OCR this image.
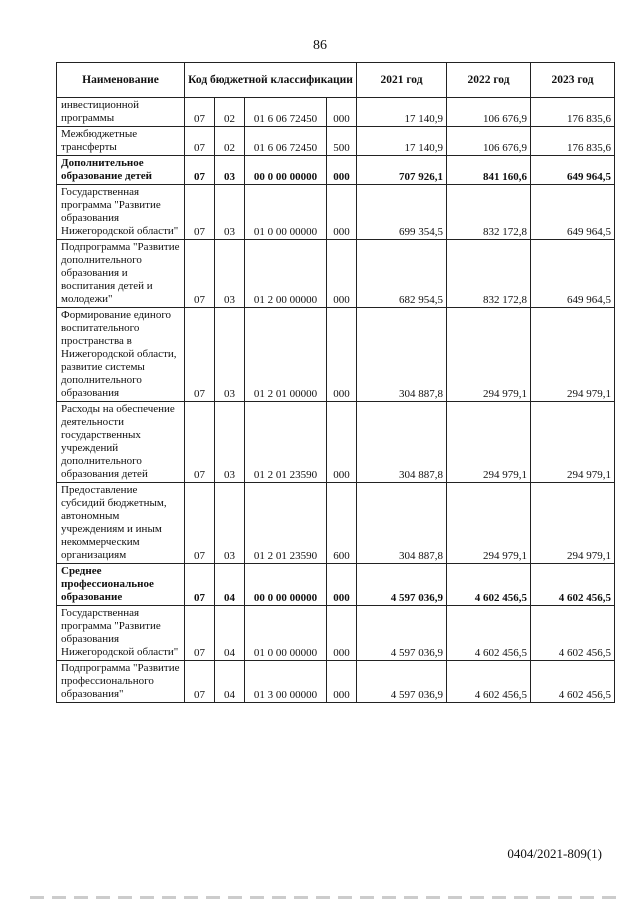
86
Наименование	Код бюджетной классификации				2021 год	2022 год	2023 год
инвестиционной программы	07	02	01 6 06 72450	000	17 140,9	106 676,9	176 835,6
Межбюджетные трансферты	07	02	01 6 06 72450	500	17 140,9	106 676,9	176 835,6
Дополнительное образование детей	07	03	00 0 00 00000	000	707 926,1	841 160,6	649 964,5
Государственная программа "Развитие образования Нижегородской области"	07	03	01 0 00 00000	000	699 354,5	832 172,8	649 964,5
Подпрограмма "Развитие дополнительного образования и воспитания детей и молодежи"	07	03	01 2 00 00000	000	682 954,5	832 172,8	649 964,5
Формирование единого воспитательного пространства в Нижегородской области, развитие системы дополнительного образования	07	03	01 2 01 00000	000	304 887,8	294 979,1	294 979,1
Расходы на обеспечение деятельности государственных учреждений дополнительного образования детей	07	03	01 2 01 23590	000	304 887,8	294 979,1	294 979,1
Предоставление субсидий бюджетным, автономным учреждениям и иным некоммерческим организациям	07	03	01 2 01 23590	600	304 887,8	294 979,1	294 979,1
Среднее профессиональное образование	07	04	00 0 00 00000	000	4 597 036,9	4 602 456,5	4 602 456,5
Государственная программа "Развитие образования Нижегородской области"	07	04	01 0 00 00000	000	4 597 036,9	4 602 456,5	4 602 456,5
Подпрограмма "Развитие профессионального образования"	07	04	01 3 00 00000	000	4 597 036,9	4 602 456,5	4 602 456,5
0404/2021-809(1)
